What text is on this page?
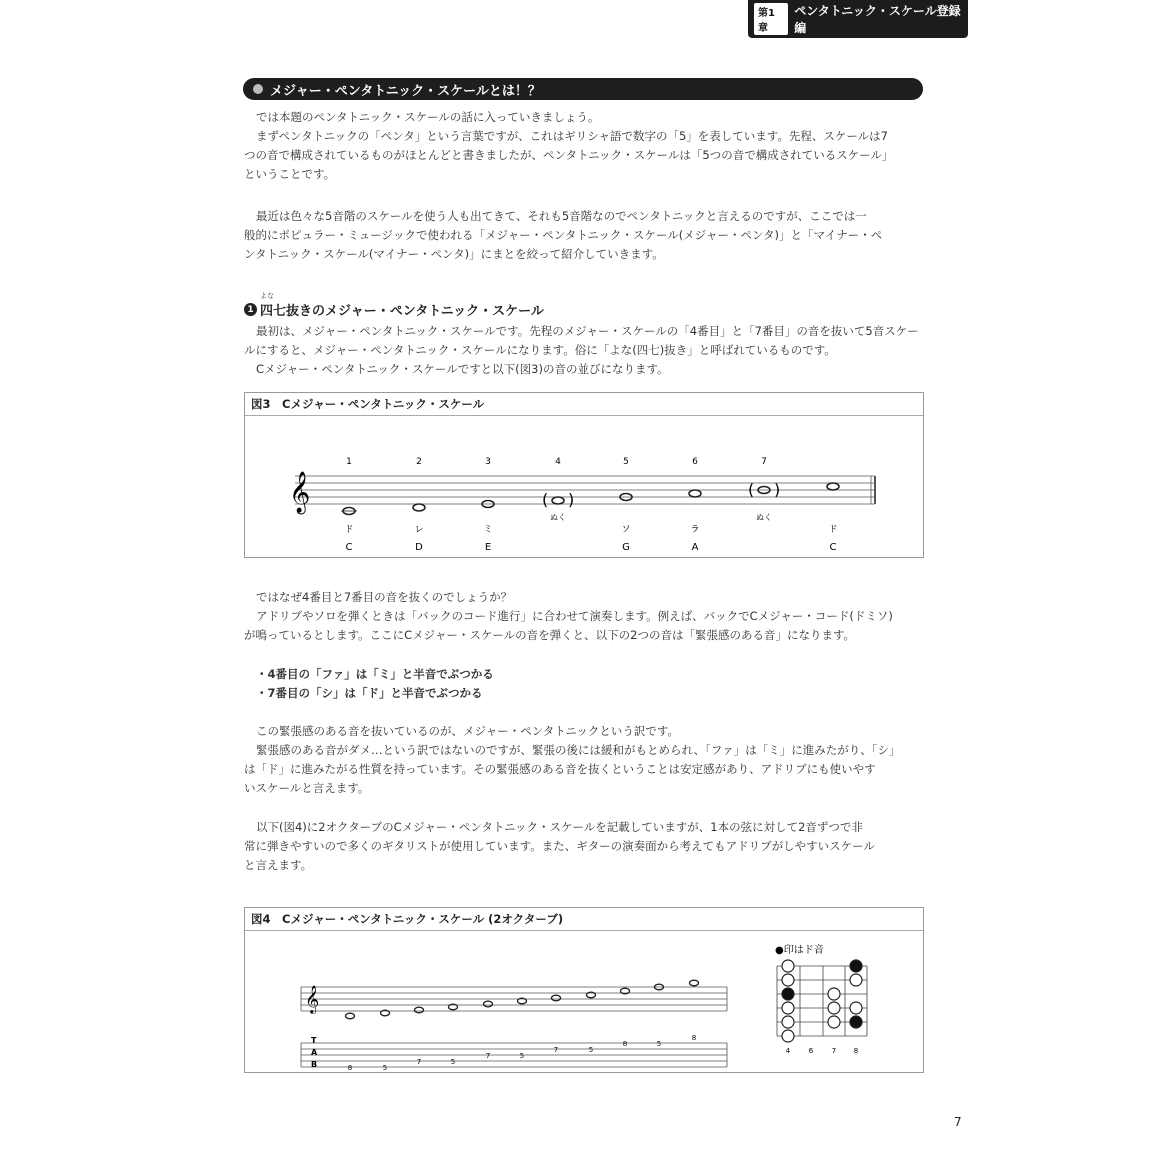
第1章
ペンタトニック・スケール登録編
メジャー・ペンタトニック・スケールとは！？
では本題のペンタトニック・スケールの話に入っていきましょう。
まずペンタトニックの「ペンタ」という言葉ですが、これはギリシャ語で数字の「5」を表しています。先程、スケールは7
つの音で構成されているものがほとんどと書きましたが、ペンタトニック・スケールは「5つの音で構成されているスケール」
ということです。
最近は色々な5音階のスケールを使う人も出てきて、それも5音階なのでペンタトニックと言えるのですが、ここでは一
般的にポピュラー・ミュージックで使われる「メジャー・ペンタトニック・スケール(メジャー・ペンタ)」と「マイナー・ペ
ンタトニック・スケール(マイナー・ペンタ)」にまとを絞って紹介していきます。
1 四七抜きのメジャー・ペンタトニック・スケール
よな
最初は、メジャー・ペンタトニック・スケールです。先程のメジャー・スケールの「4番目」と「7番目」の音を抜いて5音スケー
ルにすると、メジャー・ペンタトニック・スケールになります。俗に「よな(四七)抜き」と呼ばれているものです。
Cメジャー・ペンタトニック・スケールですと以下(図3)の音の並びになります。
図3　Cメジャー・ペンタトニック・スケール
𝄞
1	2	3	4	5	6	7
( )
( )
ぬく	ぬく
ド	レ	ミ	ソ	ラ	ド
C	D	E	G	A	C
ではなぜ4番目と7番目の音を抜くのでしょうか？
アドリブやソロを弾くときは「バックのコード進行」に合わせて演奏します。例えば、バックでCメジャー・コード(ドミソ)
が鳴っているとします。ここにCメジャー・スケールの音を弾くと、以下の2つの音は「緊張感のある音」になります。
・4番目の「ファ」は「ミ」と半音でぶつかる
・7番目の「シ」は「ド」と半音でぶつかる
この緊張感のある音を抜いているのが、メジャー・ペンタトニックという訳です。
緊張感のある音がダメ…という訳ではないのですが、緊張の後には緩和がもとめられ、「ファ」は「ミ」に進みたがり、「シ」
は「ド」に進みたがる性質を持っています。その緊張感のある音を抜くということは安定感があり、アドリブにも使いやす
いスケールと言えます。
以下(図4)に2オクターブのCメジャー・ペンタトニック・スケールを記載していますが、1本の弦に対して2音ずつで非
常に弾きやすいので多くのギタリストが使用しています。また、ギターの演奏面から考えてもアドリブがしやすいスケール
と言えます。
図4　Cメジャー・ペンタトニック・スケール (2オクターブ)
𝄞
T
A
B	8	5
7	5
7	5
7	5
8	5
8
●印はド音
4	6	7	8
7
